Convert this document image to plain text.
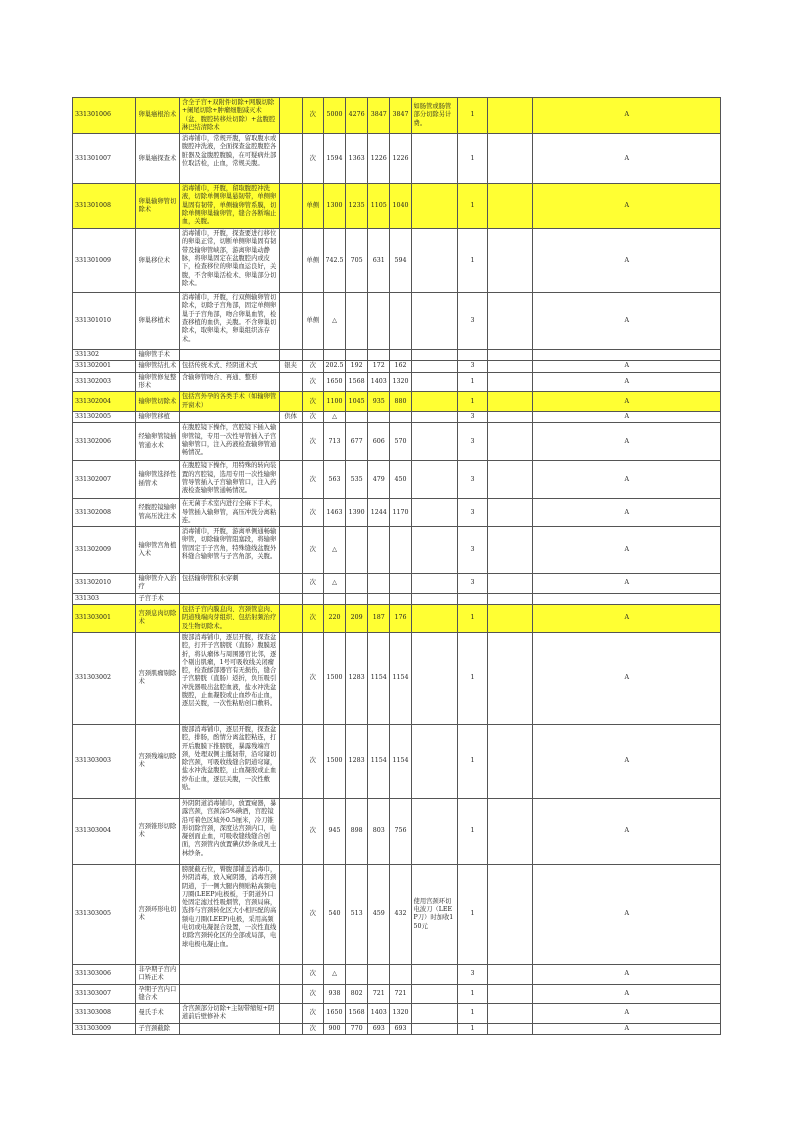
331301006	卵巢癌根治术	含全子宫+双附件切除+网膜切除+阑尾切除+肿瘤细胞减灭术（盆、腹腔转移灶切除）+盆腹腔淋巴结清除术		次	5000	4276	3847	3847	如肠管或肠管部分切除另计费。	1		A
331301007	卵巢癌探查术	消毒铺巾，常规开腹，留取腹水或腹腔冲洗液，全面探查盆腔腹腔各脏器及盆腹腔腹膜，在可疑病灶部位取活检，止血，常规关腹。		次	1594	1363	1226	1226		1		A
331301008	卵巢输卵管切除术	消毒铺巾，开腹，留取腹腔冲洗液，切除单侧卵巢悬韧带，单侧卵巢固有韧带，单侧输卵管系膜，切除单侧卵巢输卵管，缝合各断端止血，关腹。		单侧	1300	1235	1105	1040		1		A
331301009	卵巢移位术	消毒铺巾，开腹，探查要进行移位的卵巢正常，切断单侧卵巢固有韧带及输卵管峡部，游离卵巢动静脉，将卵巢固定在盆腹腔内或皮下，检查移位的卵巢血运良好，关腹，不含卵巢活检术、卵巢部分切除术。		单侧	742.5	705	631	594		1		A
331301010	卵巢移植术	消毒铺巾，开腹，行双侧输卵管切除术，切除子宫角部，固定单侧卵巢于子宫角部，吻合卵巢血管，检查移植的血供，关腹。不含卵巢切除术，取卵巢术，卵巢组织冻存术。		单侧	△					3		A
331302	输卵管手术											
331302001	输卵管结扎术	包括传统术式、经阴道术式	银夹	次	202.5	192	172	162		3		A
331302003	输卵管修复整形术	含输卵管吻合、再通、整形		次	1650	1568	1403	1320		1		A
331302004	输卵管切除术	包括宫外孕的各类手术（如输卵管开窗术）		次	1100	1045	935	880		1		A
331302005	输卵管移植		供体	次	△					3		A
331302006	经输卵管镜插管通水术	在腹腔镜下操作，宫腔镜下插入输卵管镜，专用一次性导管插入子宫输卵管口，注入药液检查输卵管通畅情况。		次	713	677	606	570		3		A
331302007	输卵管选择性插管术	在腹腔镜下操作，用特殊的转向装置的宫腔镜，选用专用一次性输卵管导管插入子宫输卵管口，注入药液检查输卵管通畅情况。		次	563	535	479	450		3		A
331302008	经腹腔镜输卵管高压洗注术	在无菌手术室内进行全麻下手术，导管插入输卵管，高压冲洗分离粘连。		次	1463	1390	1244	1170		3		A
331302009	输卵管宫角植入术	消毒铺巾，开腹，游离单侧通畅输卵管，切除输卵管阻塞段，将输卵管固定于子宫角，特殊缝线盆腹外科缝合输卵管与子宫角部，关腹。		次	△					3		A
331302010	输卵管介入治疗	包括输卵管积水穿刺		次	△					3		A
331303	子宫手术											
331303001	宫颈息肉切除术	包括子宫内膜息肉、宫颈管息肉、阴道残端肉芽组织、包括射频治疗及生物切除术。		次	220	209	187	176		1		A
331303002	宫颈肌瘤剔除术	腹部消毒铺巾，逐层开腹，探查盆腔，打开子宫膀胱（直肠）腹膜返折，将认瘤体与周围器官比邻，逐个剔出肌瘤，1号可吸收线关闭瘤腔，检查邮部器官有无损伤，缝合子宫膀胱（直肠）返折，负压吸引冲洗器吸出盆腔血液，盐水冲洗盆腹腔，止血凝胶或止血纱布止血，逐层关腹，一次性粘贴创口敷料。		次	1500	1283	1154	1154		1		A
331303003	宫颈残端切除术	腹部消毒铺巾，逐层开腹，探查盆腔，排肠，酌情分离盆腔粘连，打开后腹膜下推膀胱，暴露残端宫颈，处理双侧主骶韧带，沿穹窿切除宫颈，可吸收线缝合阴道穹窿，盐水冲洗盆腹腔，止血凝胶或止血纱布止血，逐层关腹，一次性敷贴。		次	1500	1283	1154	1154		1		A
331303004	宫颈锥形切除术	外阴阴道消毒铺巾，放置窥器，暴露宫颈，宫颈涂5%碘酒，宫腔镜沿可着色区域外0.5厘米，冷刀锥形切除宫颈，深度达宫颈内口，电凝创面止血，可吸收缝线缝合创面，宫颈管内放置碘伏纱条或凡士林纱条。		次	945	898	803	756		1		A
331303005	宫颈环形电切术	膀胱截石位，臀腹部铺盖消毒巾，外阴消毒，放入窥阴器，消毒宫颈阴道，于一侧大腿内侧贴粘高频电刀圈(LEEP)电极板，于阴道外口处固定滤过性吸烟管，宫颈局麻，选择与宫颈转化区大小相匹配的高频电刀圈(LEEP)电极，采用高频电切或电凝混合设置，一次性直线切除宫颈转化区的全部或局部，电球电极电凝止血。		次	540	513	459	432	使用宫颈环切电波刀（LEEP刀）时加收150元	1		A
331303006	非孕期子宫内口矫正术			次	△					3		A
331303007	孕期子宫内口缝合术			次	938	802	721	721		1		A
331303008	曼氏手术	含宫颈部分切除+主韧带缩短+阴道前后壁修补术		次	1650	1568	1403	1320		1		A
331303009	子宫颈截除			次	900	770	693	693		1		A
